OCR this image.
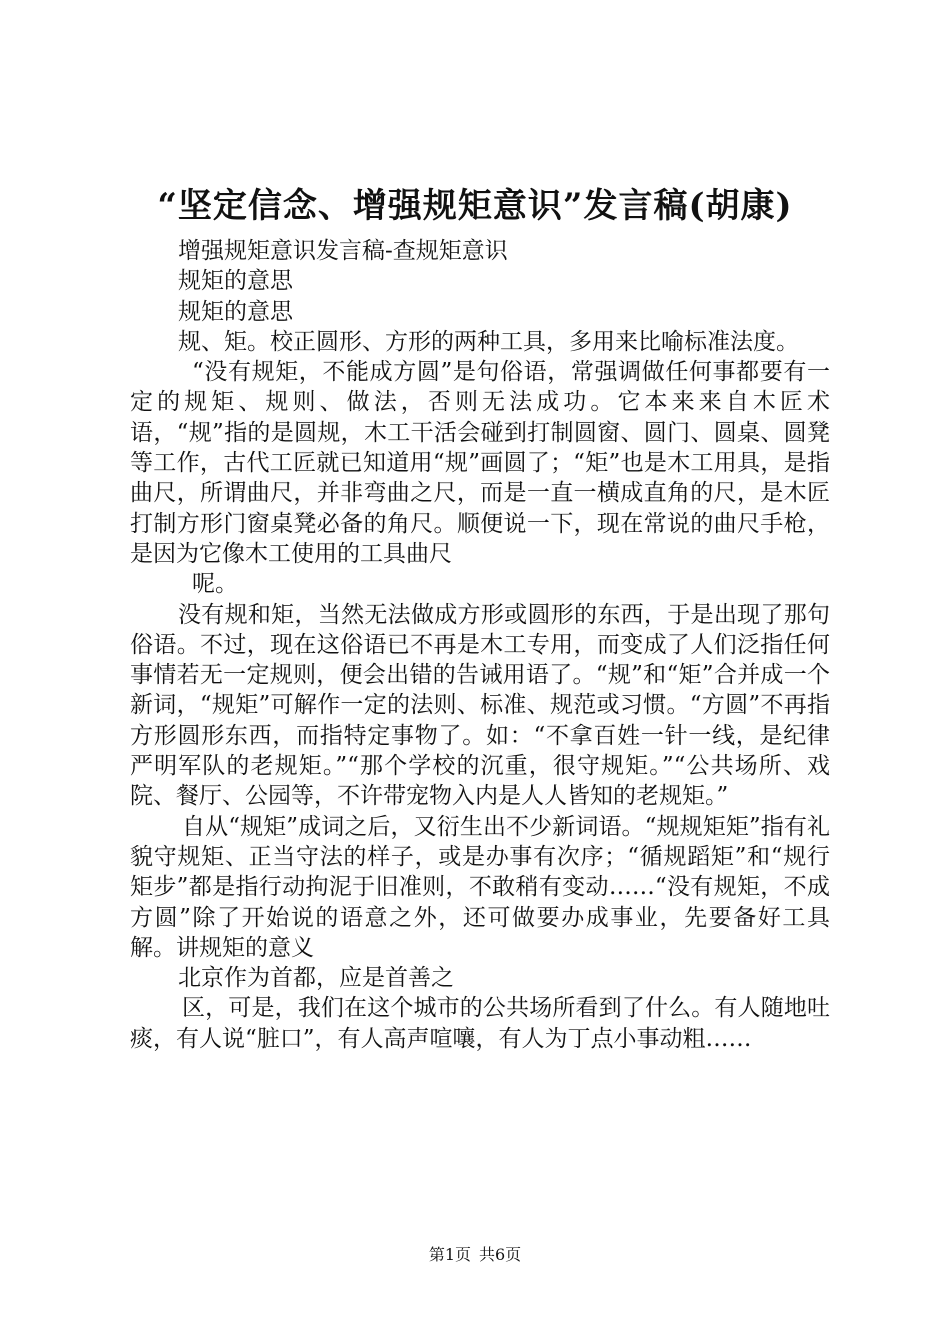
“坚定信念、增强规矩意识”发言稿(胡康)

增强规矩意识发言稿-查规矩意识

规矩的意思

规矩的意思

规、矩。校正圆形、方形的两种工具，多用来比喻标准法度。

“没有规矩，不能成方圆”是句俗语，常强调做任何事都要有一定的规矩、规则、做法，否则无法成功。它本来来自木匠术语，“规”指的是圆规，木工干活会碰到打制圆窗、圆门、圆桌、圆凳等工作，古代工匠就已知道用“规”画圆了；“矩”也是木工用具，是指曲尺，所谓曲尺，并非弯曲之尺，而是一直一横成直角的尺，是木匠打制方形门窗桌凳必备的角尺。顺便说一下，现在常说的曲尺手枪，是因为它像木工使用的工具曲尺

呢。

没有规和矩，当然无法做成方形或圆形的东西，于是出现了那句俗语。不过，现在这俗语已不再是木工专用，而变成了人们泛指任何事情若无一定规则，便会出错的告诫用语了。“规”和“矩”合并成一个新词，“规矩”可解作一定的法则、标准、规范或习惯。“方圆”不再指方形圆形东西，而指特定事物了。如：“不拿百姓一针一线，是纪律严明军队的老规矩。”“那个学校的沉重，很守规矩。”“公共场所、戏院、餐厅、公园等，不许带宠物入内是人人皆知的老规矩。”

自从“规矩”成词之后，又衍生出不少新词语。“规规矩矩”指有礼貌守规矩、正当守法的样子，或是办事有次序；“循规蹈矩”和“规行矩步”都是指行动拘泥于旧准则，不敢稍有变动……“没有规矩，不成方圆”除了开始说的语意之外，还可做要办成事业，先要备好工具解。讲规矩的意义

北京作为首都，应是首善之

区，可是，我们在这个城市的公共场所看到了什么。有人随地吐痰，有人说“脏口”，有人高声喧嚷，有人为丁点小事动粗……

第1页 共6页
